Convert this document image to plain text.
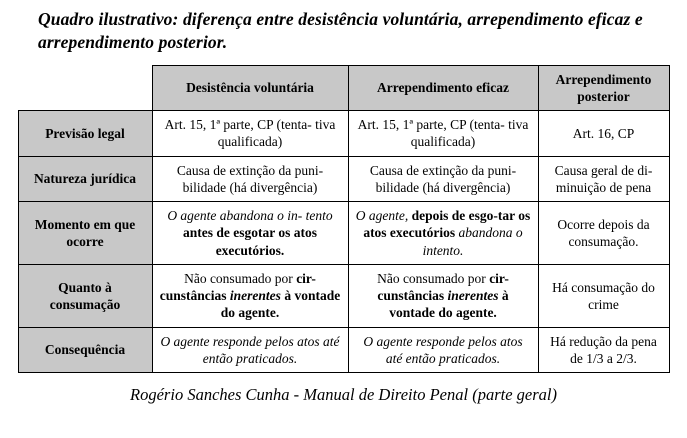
Quadro ilustrativo: diferença entre desistência voluntária, arrependimento eficaz e arrependimento posterior.
	Desistência voluntária	Arrependimento eficaz	Arrependimento posterior
Previsão legal	Art. 15, 1ª parte, CP (tenta- tiva qualificada)	Art. 15, 1ª parte, CP (tenta- tiva qualificada)	Art. 16, CP
Natureza jurídica	Causa de extinção da puni- bilidade (há divergência)	Causa de extinção da puni- bilidade (há divergência)	Causa geral de di- minuição de pena
Momento em que ocorre	O agente abandona o in- tento antes de esgotar os atos executórios.	O agente, depois de esgo-tar os atos executórios abandona o intento.	Ocorre depois da consumação.
Quanto à consumação	Não consumado por cir-cunstâncias inerentes à vontade do agente.	Não consumado por cir-cunstâncias inerentes à vontade do agente.	Há consumação do crime
Consequência	O agente responde pelos atos até então praticados.	O agente responde pelos atos até então praticados.	Há redução da pena de 1/3 a 2/3.
Rogério Sanches Cunha - Manual de Direito Penal (parte geral)
